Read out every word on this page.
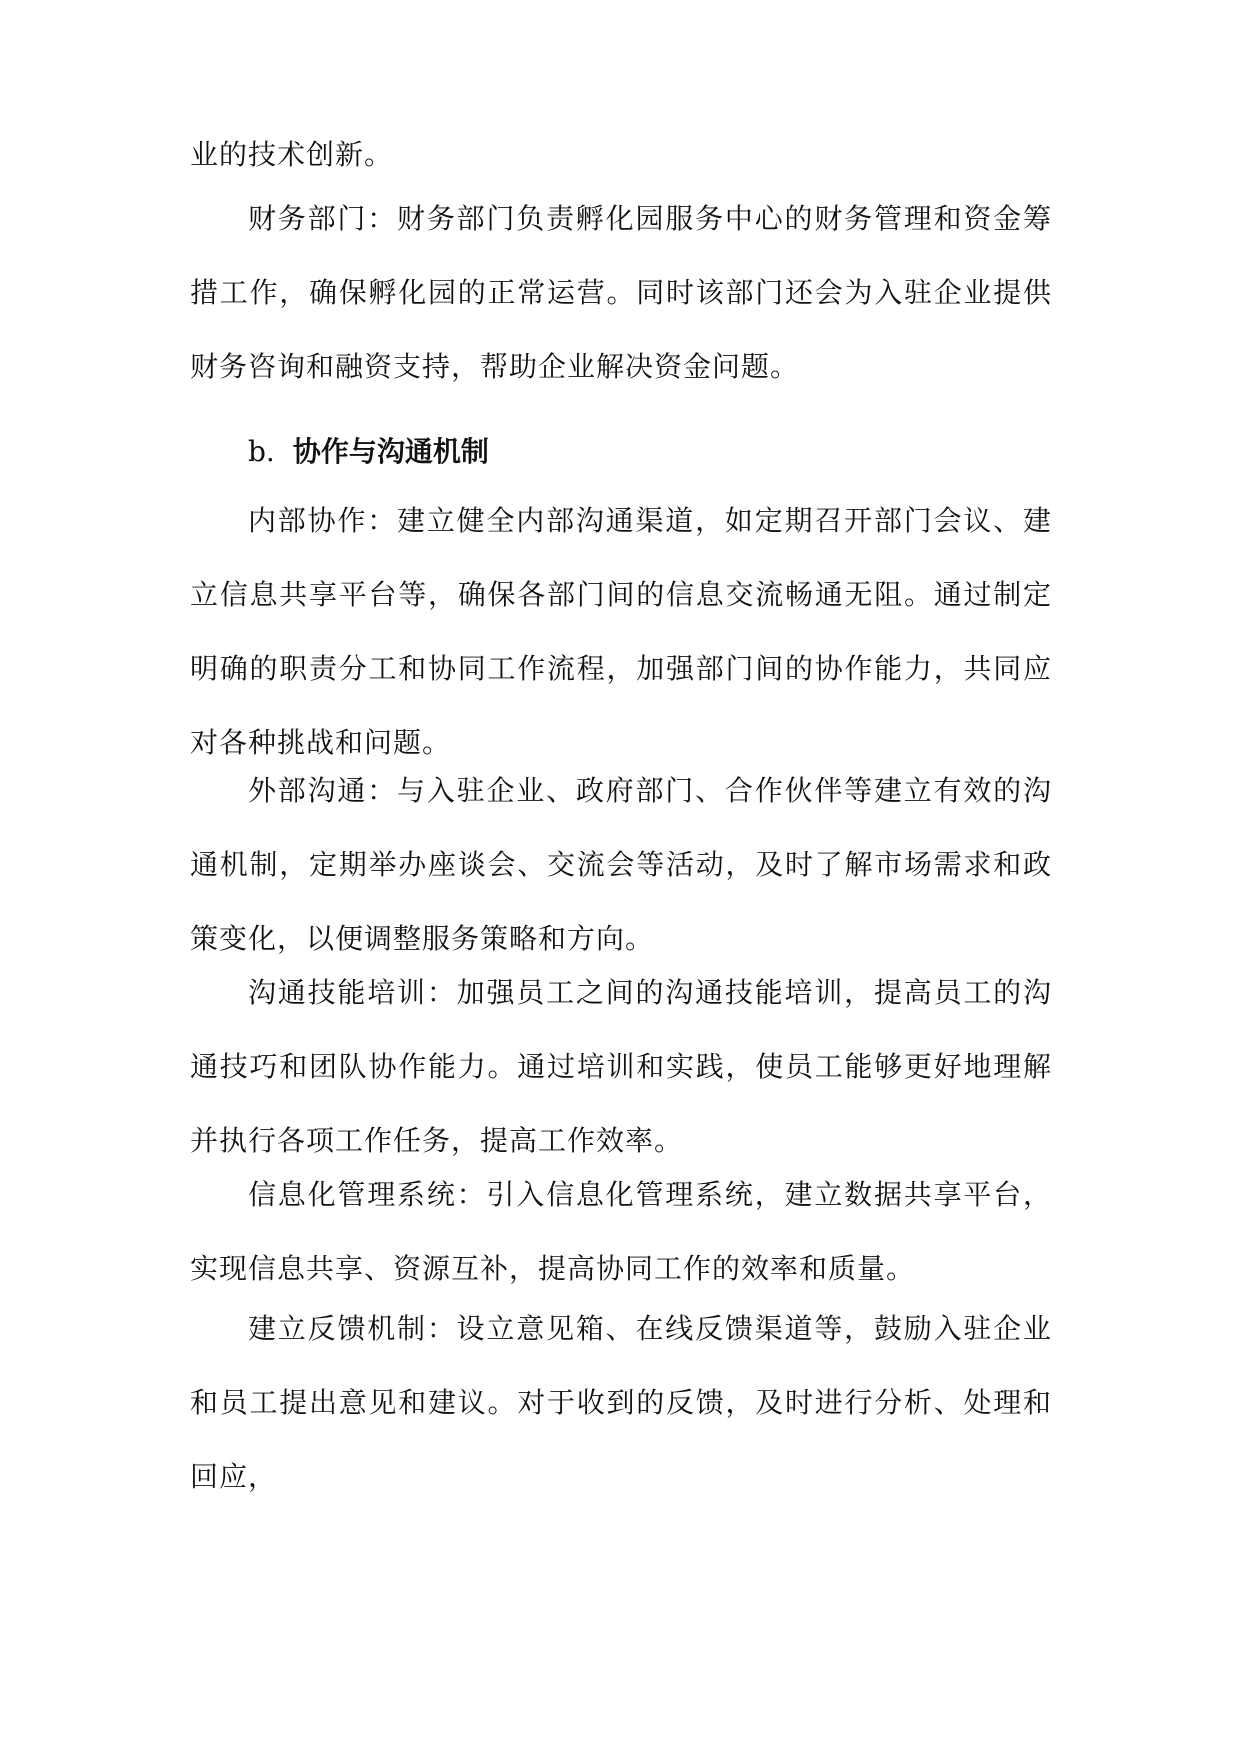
业的技术创新。

财务部门：财务部门负责孵化园服务中心的财务管理和资金筹措工作，确保孵化园的正常运营。同时该部门还会为入驻企业提供财务咨询和融资支持，帮助企业解决资金问题。

b. 协作与沟通机制

内部协作：建立健全内部沟通渠道，如定期召开部门会议、建立信息共享平台等，确保各部门间的信息交流畅通无阻。通过制定明确的职责分工和协同工作流程，加强部门间的协作能力，共同应对各种挑战和问题。

外部沟通：与入驻企业、政府部门、合作伙伴等建立有效的沟通机制，定期举办座谈会、交流会等活动，及时了解市场需求和政策变化，以便调整服务策略和方向。

沟通技能培训：加强员工之间的沟通技能培训，提高员工的沟通技巧和团队协作能力。通过培训和实践，使员工能够更好地理解并执行各项工作任务，提高工作效率。

信息化管理系统：引入信息化管理系统，建立数据共享平台，实现信息共享、资源互补，提高协同工作的效率和质量。

建立反馈机制：设立意见箱、在线反馈渠道等，鼓励入驻企业和员工提出意见和建议。对于收到的反馈，及时进行分析、处理和回应，
